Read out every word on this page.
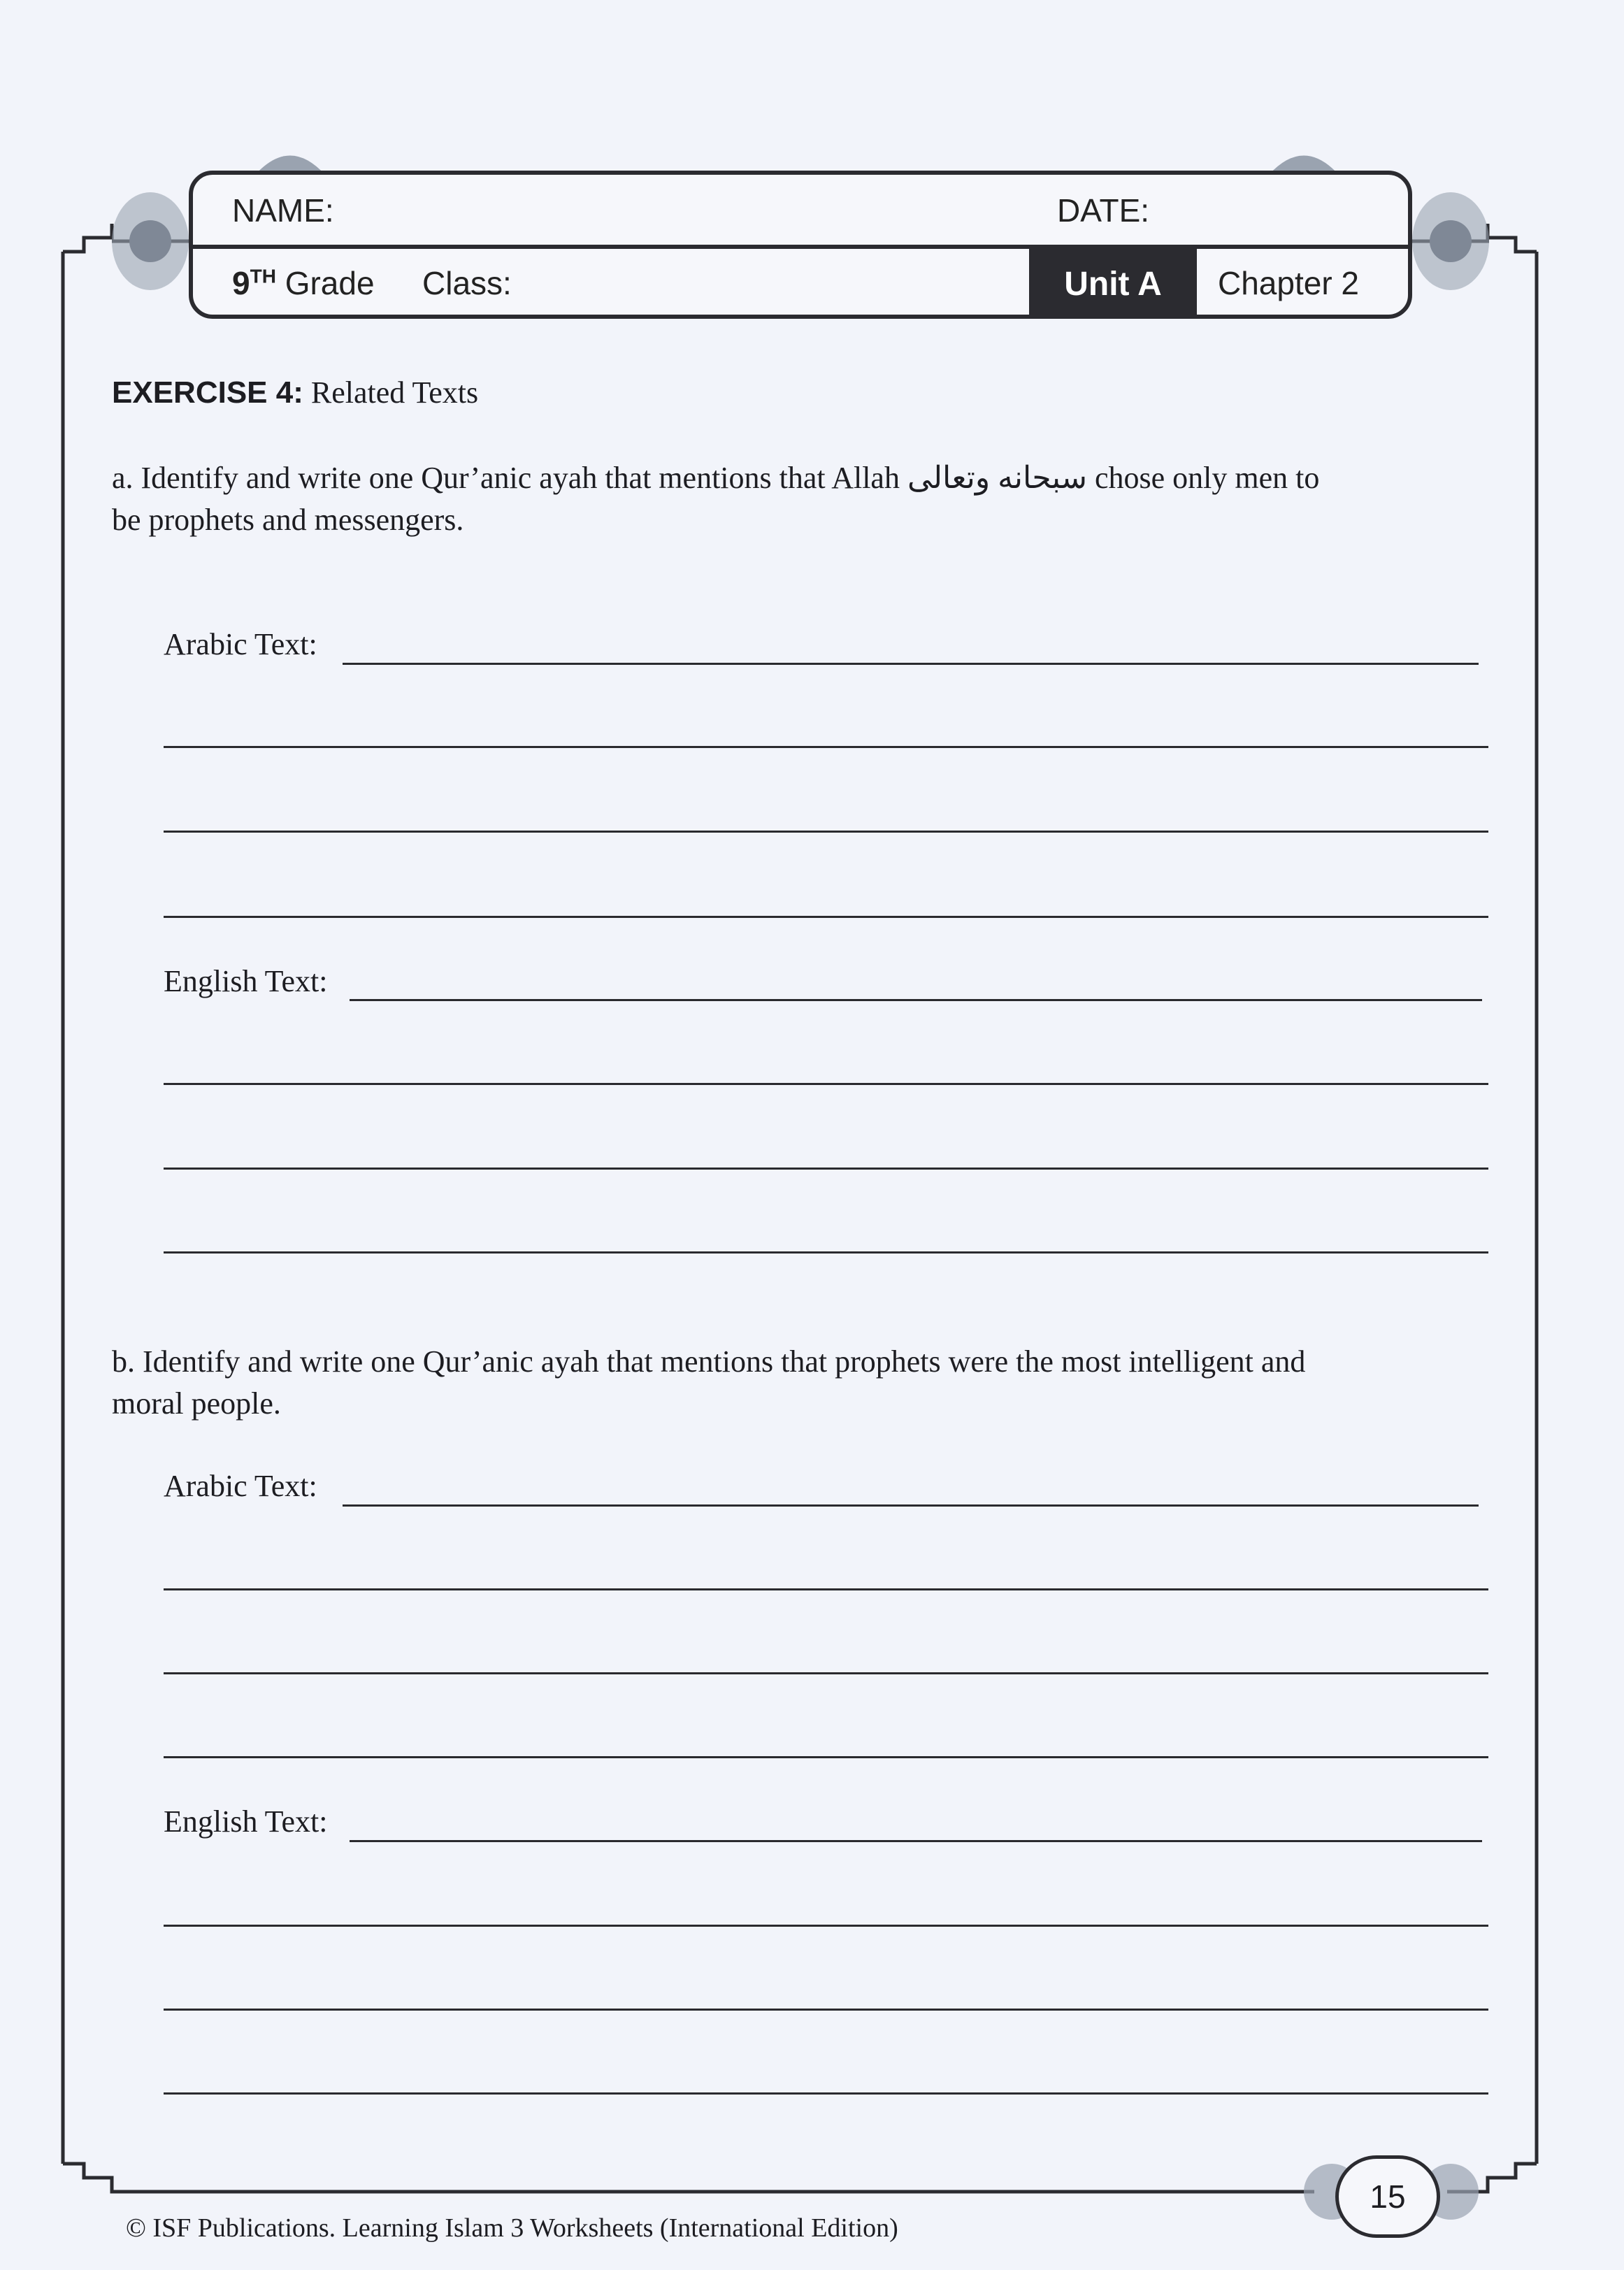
NAME:	DATE:
9TH Grade Class:	Unit A	Chapter 2
EXERCISE 4: Related Texts
a. Identify and write one Qur’anic ayah that mentions that Allah سبحانه وتعالى chose only men to
be prophets and messengers.
Arabic Text:
English Text:
b. Identify and write one Qur’anic ayah that mentions that prophets were the most intelligent and
moral people.
Arabic Text:
English Text:
15
© ISF Publications. Learning Islam 3 Worksheets (International Edition)
